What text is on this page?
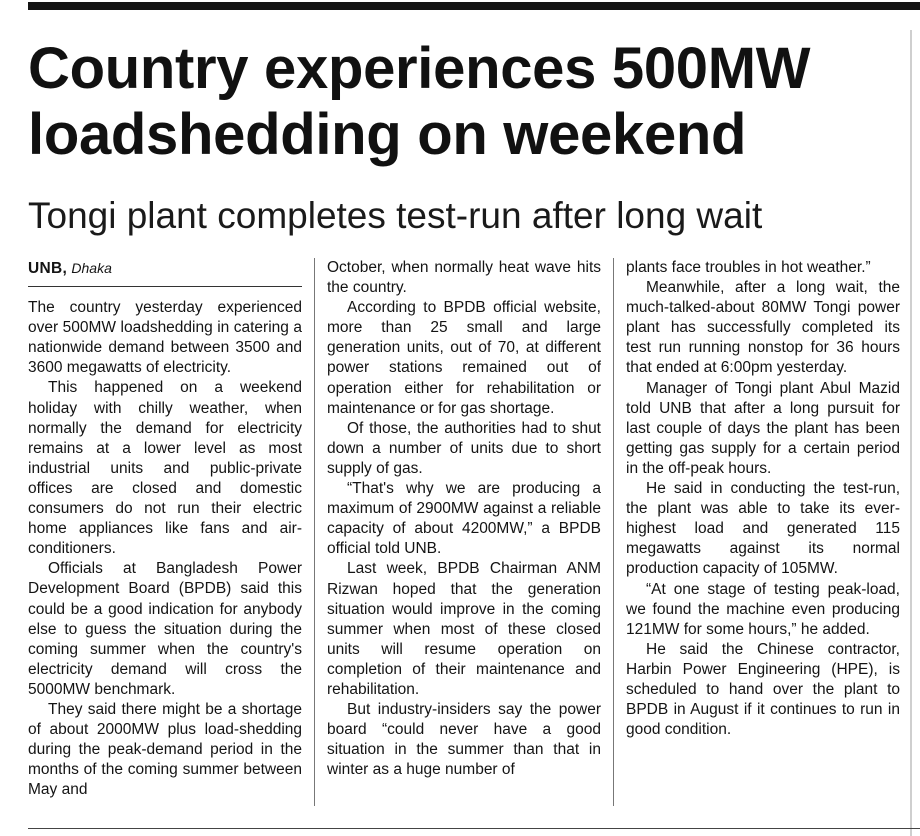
Country experiences 500MW loadshedding on weekend
Tongi plant completes test-run after long wait
UNB, Dhaka

The country yesterday experienced over 500MW loadshedding in catering a nationwide demand between 3500 and 3600 megawatts of electricity.

This happened on a weekend holiday with chilly weather, when normally the demand for electricity remains at a lower level as most industrial units and public-private offices are closed and domestic consumers do not run their electric home appliances like fans and air-conditioners.

Officials at Bangladesh Power Development Board (BPDB) said this could be a good indication for anybody else to guess the situation during the coming summer when the country's electricity demand will cross the 5000MW benchmark.

They said there might be a shortage of about 2000MW plus load-shedding during the peak-demand period in the months of the coming summer between May and

October, when normally heat wave hits the country.

According to BPDB official website, more than 25 small and large generation units, out of 70, at different power stations remained out of operation either for rehabilitation or maintenance or for gas shortage.

Of those, the authorities had to shut down a number of units due to short supply of gas.

“That's why we are producing a maximum of 2900MW against a reliable capacity of about 4200MW,” a BPDB official told UNB.

Last week, BPDB Chairman ANM Rizwan hoped that the generation situation would improve in the coming summer when most of these closed units will resume operation on completion of their maintenance and rehabilitation.

But industry-insiders say the power board “could never have a good situation in the summer than that in winter as a huge number of

plants face troubles in hot weather.”

Meanwhile, after a long wait, the much-talked-about 80MW Tongi power plant has successfully completed its test run running nonstop for 36 hours that ended at 6:00pm yesterday.

Manager of Tongi plant Abul Mazid told UNB that after a long pursuit for last couple of days the plant has been getting gas supply for a certain period in the off-peak hours.

He said in conducting the test-run, the plant was able to take its ever-highest load and generated 115 megawatts against its normal production capacity of 105MW.

“At one stage of testing peak-load, we found the machine even producing 121MW for some hours,” he added.

He said the Chinese contractor, Harbin Power Engineering (HPE), is scheduled to hand over the plant to BPDB in August if it continues to run in good condition.
